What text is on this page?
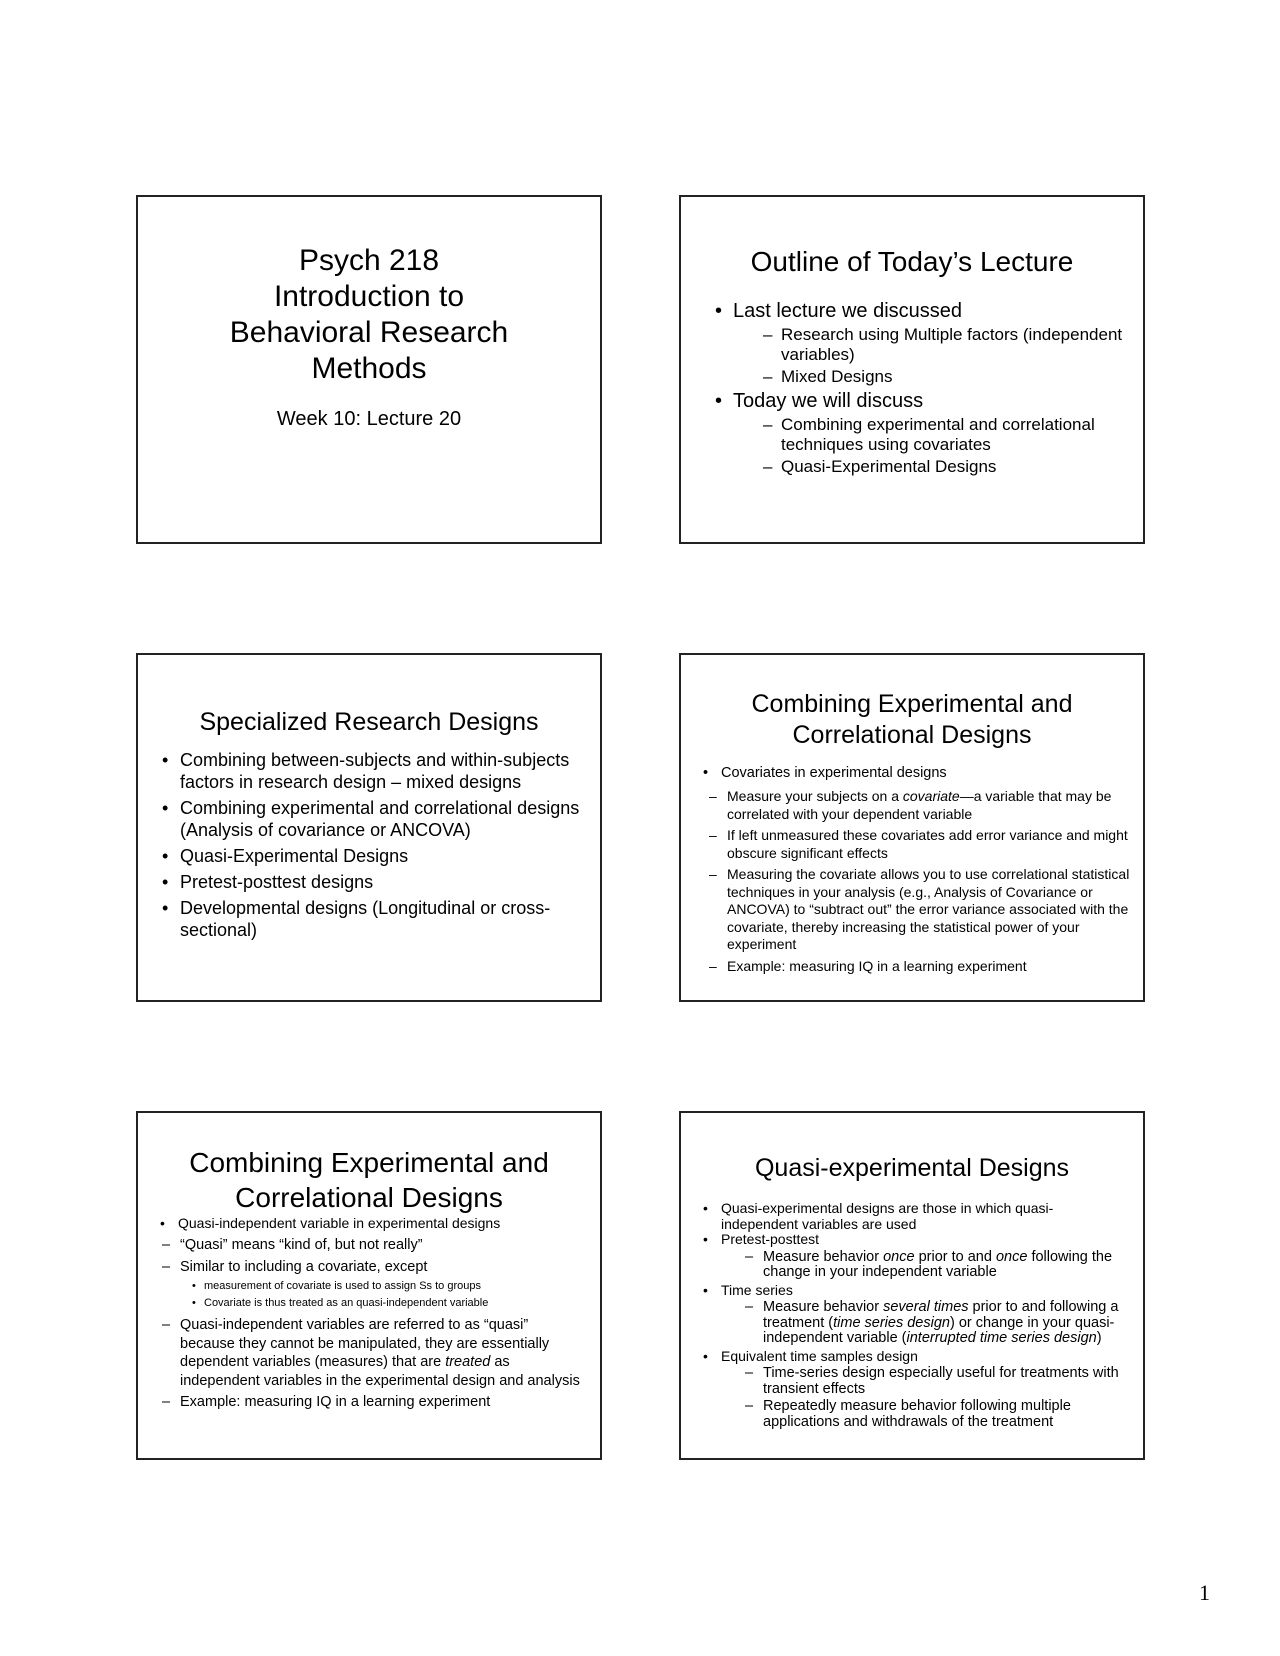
Psych 218
Introduction to
Behavioral Research
Methods
Week 10: Lecture 20
Outline of Today’s Lecture
• Last lecture we discussed
– Research using Multiple factors (independent variables)
– Mixed Designs
• Today we will discuss
– Combining experimental and correlational techniques using covariates
– Quasi-Experimental Designs
Specialized Research Designs
• Combining between-subjects and within-subjects factors in research design – mixed designs
• Combining experimental and correlational designs (Analysis of covariance or ANCOVA)
• Quasi-Experimental Designs
• Pretest-posttest designs
• Developmental designs (Longitudinal or cross-sectional)
Combining Experimental and
Correlational Designs
• Covariates in experimental designs
– Measure your subjects on a covariate—a variable that may be correlated with your dependent variable
– If left unmeasured these covariates add error variance and might obscure significant effects
– Measuring the covariate allows you to use correlational statistical techniques in your analysis (e.g., Analysis of Covariance or ANCOVA) to “subtract out” the error variance associated with the covariate, thereby increasing the statistical power of your experiment
– Example: measuring IQ in a learning experiment
Combining Experimental and
Correlational Designs
• Quasi-independent variable in experimental designs
– “Quasi” means “kind of, but not really”
– Similar to including a covariate, except
• measurement of covariate is used to assign Ss to groups
• Covariate is thus treated as an quasi-independent variable
– Quasi-independent variables are referred to as “quasi” because they cannot be manipulated, they are essentially dependent variables (measures) that are treated as independent variables in the experimental design and analysis
– Example: measuring IQ in a learning experiment
Quasi-experimental Designs
• Quasi-experimental designs are those in which quasi-independent variables are used
• Pretest-posttest
– Measure behavior once prior to and once following the change in your independent variable
• Time series
– Measure behavior several times prior to and following a treatment (time series design) or change in your quasi-independent variable (interrupted time series design)
• Equivalent time samples design
– Time-series design especially useful for treatments with transient effects
– Repeatedly measure behavior following multiple applications and withdrawals of the treatment
1
